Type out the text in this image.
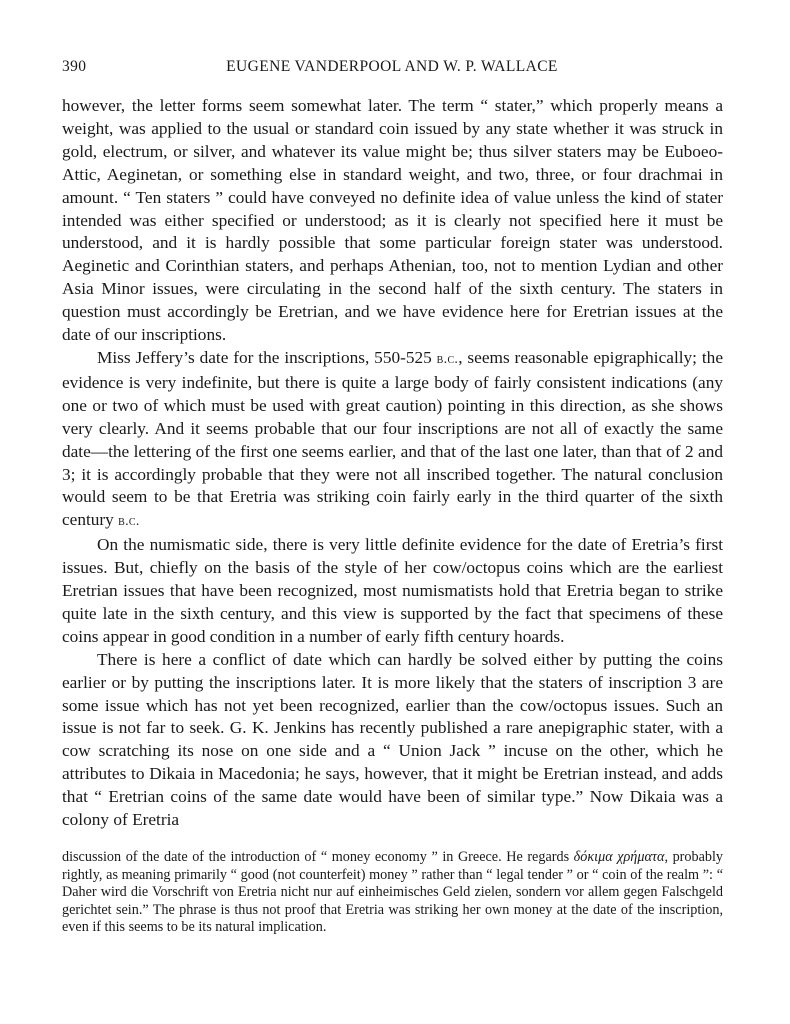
390	EUGENE VANDERPOOL AND W. P. WALLACE

however, the letter forms seem somewhat later. The term “ stater,” which properly means a weight, was applied to the usual or standard coin issued by any state whether it was struck in gold, electrum, or silver, and whatever its value might be; thus silver staters may be Euboeo-Attic, Aeginetan, or something else in standard weight, and two, three, or four drachmai in amount. “ Ten staters ” could have conveyed no definite idea of value unless the kind of stater intended was either specified or understood; as it is clearly not specified here it must be understood, and it is hardly possible that some particular foreign stater was understood. Aeginetic and Corinthian staters, and perhaps Athenian, too, not to mention Lydian and other Asia Minor issues, were circulating in the second half of the sixth century. The staters in question must accordingly be Eretrian, and we have evidence here for Eretrian issues at the date of our inscriptions.

Miss Jeffery’s date for the inscriptions, 550-525 b.c., seems reasonable epigraphically; the evidence is very indefinite, but there is quite a large body of fairly consistent indications (any one or two of which must be used with great caution) pointing in this direction, as she shows very clearly. And it seems probable that our four inscriptions are not all of exactly the same date—the lettering of the first one seems earlier, and that of the last one later, than that of 2 and 3; it is accordingly probable that they were not all inscribed together. The natural conclusion would seem to be that Eretria was striking coin fairly early in the third quarter of the sixth century b.c.

On the numismatic side, there is very little definite evidence for the date of Eretria’s first issues. But, chiefly on the basis of the style of her cow/octopus coins which are the earliest Eretrian issues that have been recognized, most numismatists hold that Eretria began to strike quite late in the sixth century, and this view is supported by the fact that specimens of these coins appear in good condition in a number of early fifth century hoards.

There is here a conflict of date which can hardly be solved either by putting the coins earlier or by putting the inscriptions later. It is more likely that the staters of inscription 3 are some issue which has not yet been recognized, earlier than the cow/octopus issues. Such an issue is not far to seek. G. K. Jenkins has recently published a rare anepigraphic stater, with a cow scratching its nose on one side and a “ Union Jack ” incuse on the other, which he attributes to Dikaia in Macedonia; he says, however, that it might be Eretrian instead, and adds that “ Eretrian coins of the same date would have been of similar type.” Now Dikaia was a colony of Eretria

discussion of the date of the introduction of “ money economy ” in Greece. He regards δόκιμα χρήματα, probably rightly, as meaning primarily “ good (not counterfeit) money ” rather than “ legal tender ” or “ coin of the realm ”: “ Daher wird die Vorschrift von Eretria nicht nur auf einheimisches Geld zielen, sondern vor allem gegen Falschgeld gerichtet sein.” The phrase is thus not proof that Eretria was striking her own money at the date of the inscription, even if this seems to be its natural implication.
